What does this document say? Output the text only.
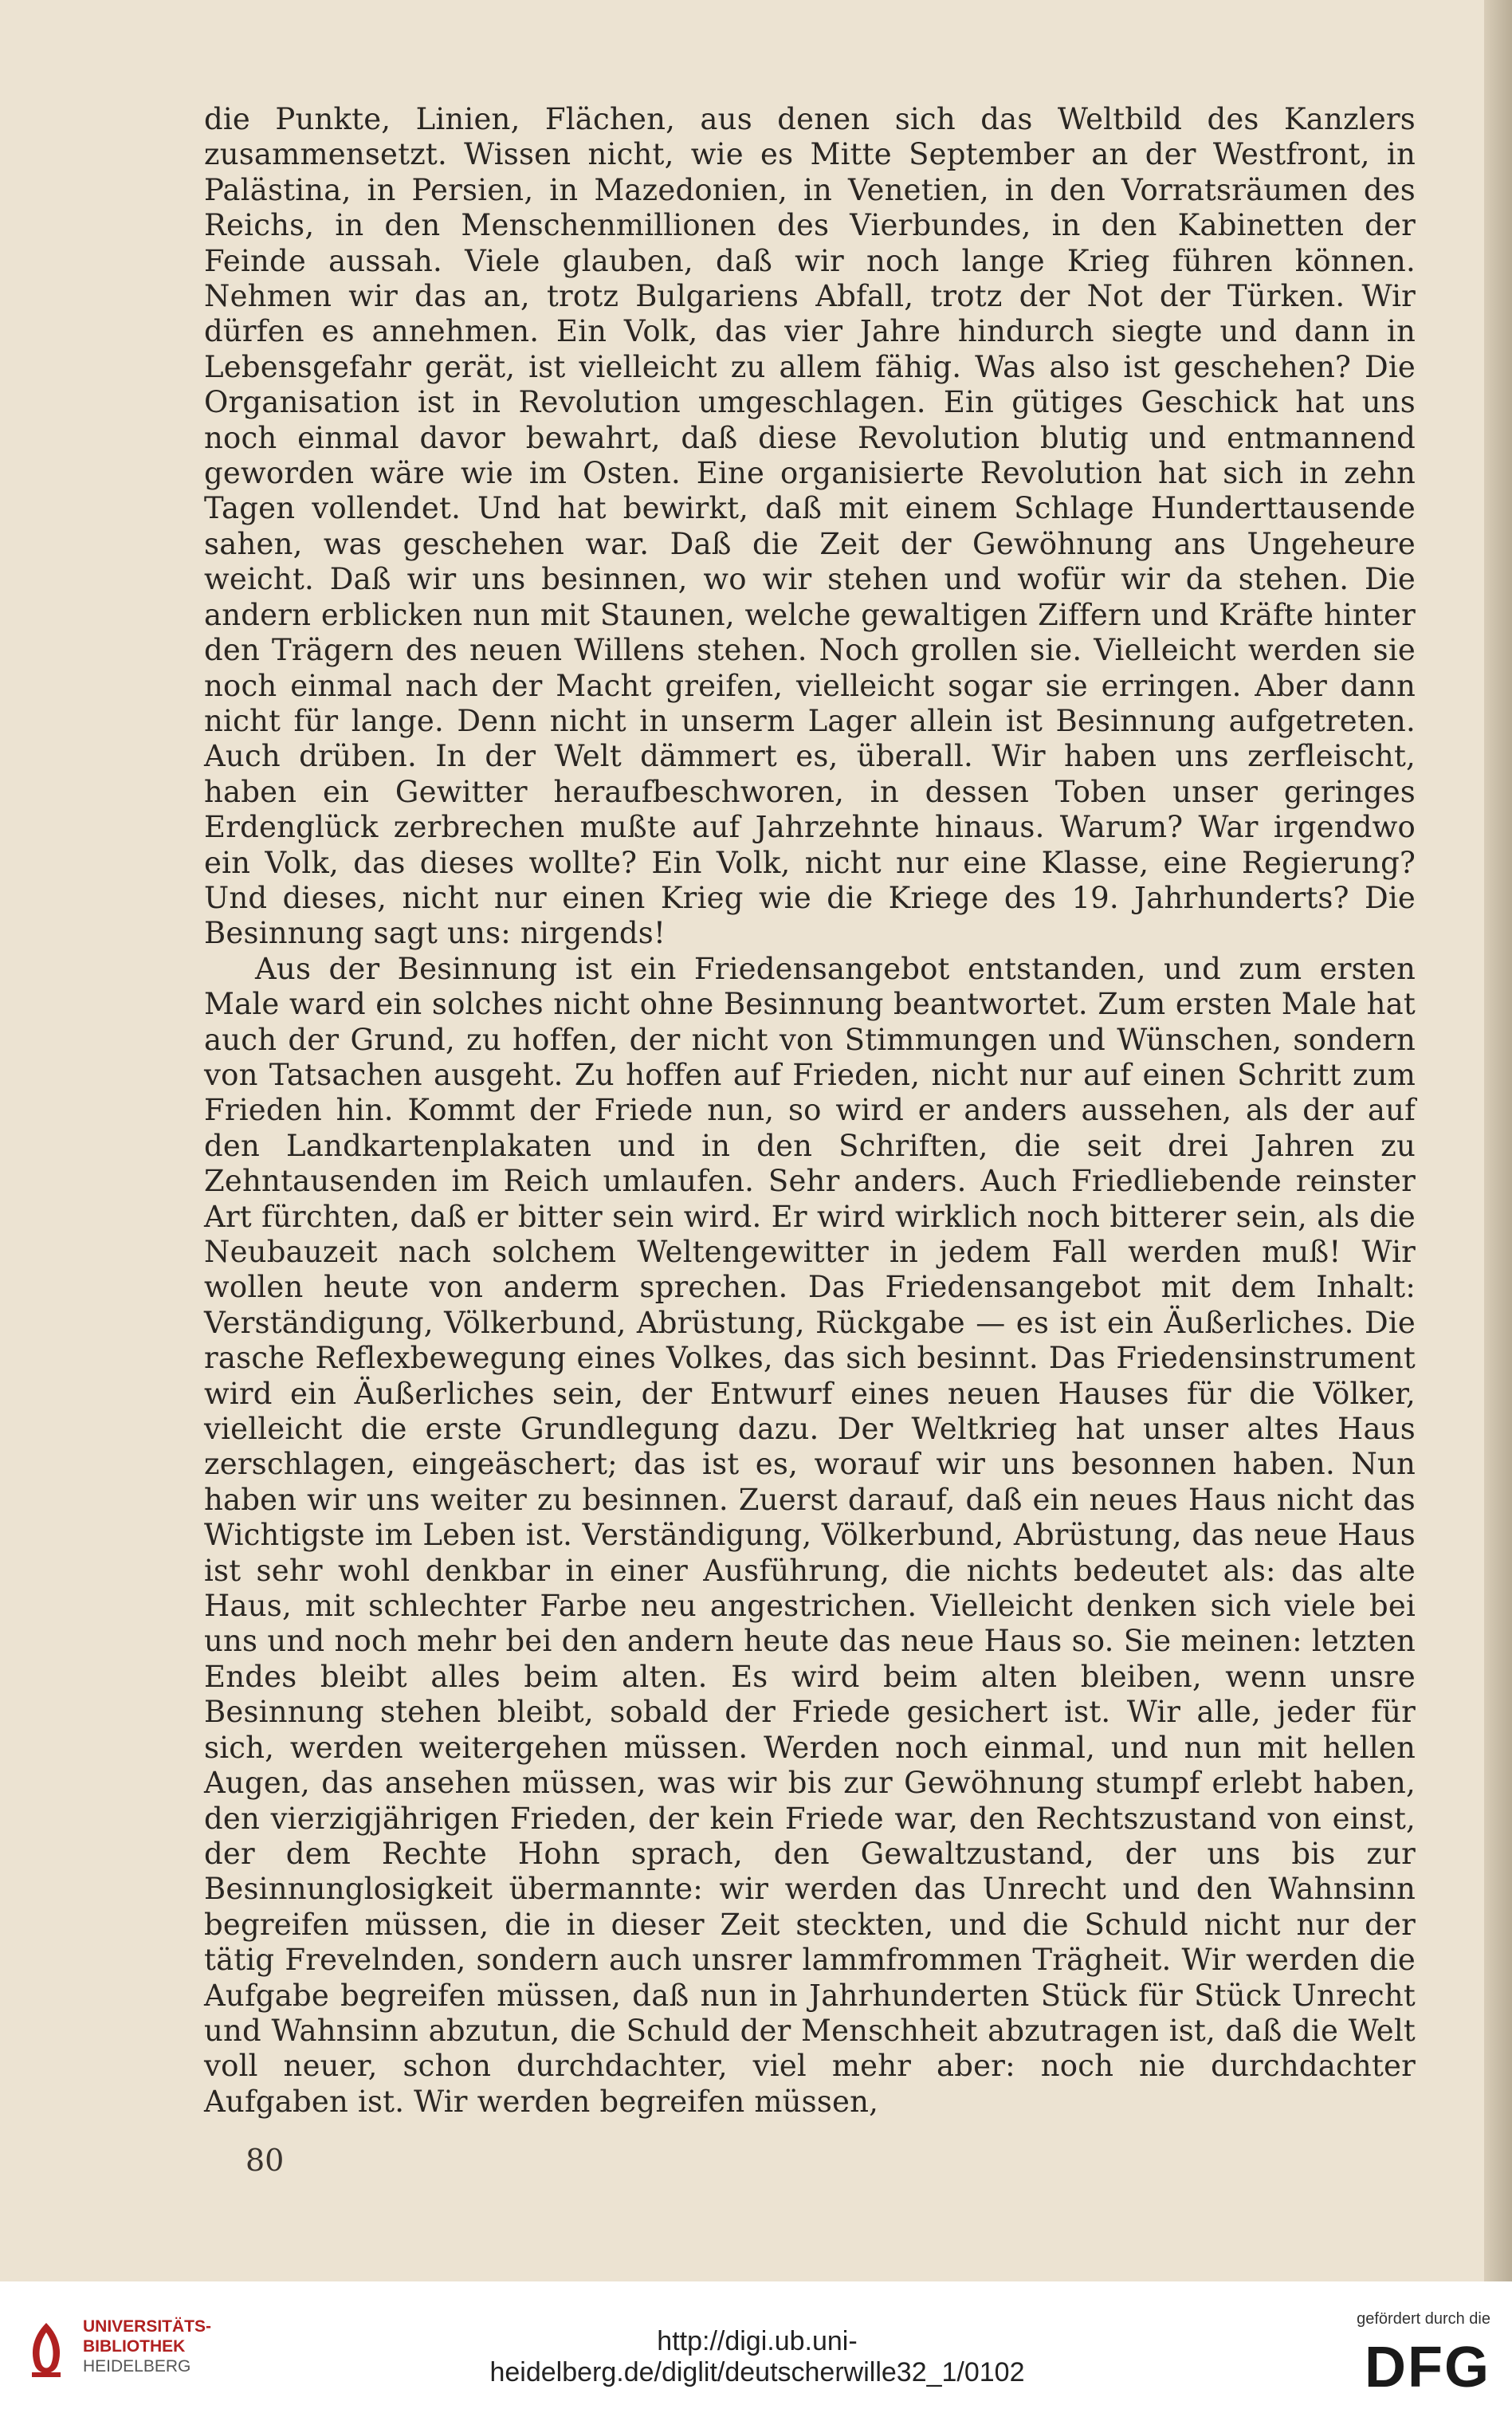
die Punkte, Linien, Flächen, aus denen sich das Weltbild des Kanzlers zusammensetzt. Wissen nicht, wie es Mitte September an der Westfront, in Palästina, in Persien, in Mazedonien, in Venetien, in den Vorratsräumen des Reichs, in den Menschenmillionen des Vierbundes, in den Kabinetten der Feinde aussah. Viele glauben, daß wir noch lange Krieg führen können. Nehmen wir das an, trotz Bulgariens Abfall, trotz der Not der Türken. Wir dürfen es annehmen. Ein Volk, das vier Jahre hindurch siegte und dann in Lebensgefahr gerät, ist vielleicht zu allem fähig. Was also ist geschehen? Die Organisation ist in Revolution umgeschlagen. Ein gütiges Geschick hat uns noch einmal davor bewahrt, daß diese Revolution blutig und entmannend geworden wäre wie im Osten. Eine organisierte Revolution hat sich in zehn Tagen vollendet. Und hat bewirkt, daß mit einem Schlage Hunderttausende sahen, was geschehen war. Daß die Zeit der Gewöhnung ans Ungeheure weicht. Daß wir uns besinnen, wo wir stehen und wofür wir da stehen. Die andern erblicken nun mit Staunen, welche gewaltigen Ziffern und Kräfte hinter den Trägern des neuen Willens stehen. Noch grollen sie. Vielleicht werden sie noch einmal nach der Macht greifen, vielleicht sogar sie erringen. Aber dann nicht für lange. Denn nicht in unserm Lager allein ist Besinnung aufgetreten. Auch drüben. In der Welt dämmert es, überall. Wir haben uns zerfleischt, haben ein Gewitter heraufbeschworen, in dessen Toben unser geringes Erdenglück zerbrechen mußte auf Jahrzehnte hinaus. Warum? War irgendwo ein Volk, das dieses wollte? Ein Volk, nicht nur eine Klasse, eine Regierung? Und dieses, nicht nur einen Krieg wie die Kriege des 19. Jahrhunderts? Die Besinnung sagt uns: nirgends!

Aus der Besinnung ist ein Friedensangebot entstanden, und zum ersten Male ward ein solches nicht ohne Besinnung beantwortet. Zum ersten Male hat auch der Grund, zu hoffen, der nicht von Stimmungen und Wünschen, sondern von Tatsachen ausgeht. Zu hoffen auf Frieden, nicht nur auf einen Schritt zum Frieden hin. Kommt der Friede nun, so wird er anders aussehen, als der auf den Landkartenplakaten und in den Schriften, die seit drei Jahren zu Zehntausenden im Reich umlaufen. Sehr anders. Auch Friedliebende reinster Art fürchten, daß er bitter sein wird. Er wird wirklich noch bitterer sein, als die Neubauzeit nach solchem Weltengewitter in jedem Fall werden muß! Wir wollen heute von anderm sprechen. Das Friedensangebot mit dem Inhalt: Verständigung, Völkerbund, Abrüstung, Rückgabe — es ist ein Äußerliches. Die rasche Reflexbewegung eines Volkes, das sich besinnt. Das Friedensinstrument wird ein Äußerliches sein, der Entwurf eines neuen Hauses für die Völker, vielleicht die erste Grundlegung dazu. Der Weltkrieg hat unser altes Haus zerschlagen, eingeäschert; das ist es, worauf wir uns besonnen haben. Nun haben wir uns weiter zu besinnen. Zuerst darauf, daß ein neues Haus nicht das Wichtigste im Leben ist. Verständigung, Völkerbund, Abrüstung, das neue Haus ist sehr wohl denkbar in einer Ausführung, die nichts bedeutet als: das alte Haus, mit schlechter Farbe neu angestrichen. Vielleicht denken sich viele bei uns und noch mehr bei den andern heute das neue Haus so. Sie meinen: letzten Endes bleibt alles beim alten. Es wird beim alten bleiben, wenn unsre Besinnung stehen bleibt, sobald der Friede gesichert ist. Wir alle, jeder für sich, werden weitergehen müssen. Werden noch einmal, und nun mit hellen Augen, das ansehen müssen, was wir bis zur Gewöhnung stumpf erlebt haben, den vierzigjährigen Frieden, der kein Friede war, den Rechtszustand von einst, der dem Rechte Hohn sprach, den Gewaltzustand, der uns bis zur Besinnunglosigkeit übermannte: wir werden das Unrecht und den Wahnsinn begreifen müssen, die in dieser Zeit steckten, und die Schuld nicht nur der tätig Frevelnden, sondern auch unsrer lammfrommen Trägheit. Wir werden die Aufgabe begreifen müssen, daß nun in Jahrhunderten Stück für Stück Unrecht und Wahnsinn abzutun, die Schuld der Menschheit abzutragen ist, daß die Welt voll neuer, schon durchdachter, viel mehr aber: noch nie durchdachter Aufgaben ist. Wir werden begreifen müssen,

80
UNIVERSITÄTS-
BIBLIOTHEK
HEIDELBERG
http://digi.ub.uni-heidelberg.de/diglit/deutscherwille32_1/0102
gefördert durch die
DFG
